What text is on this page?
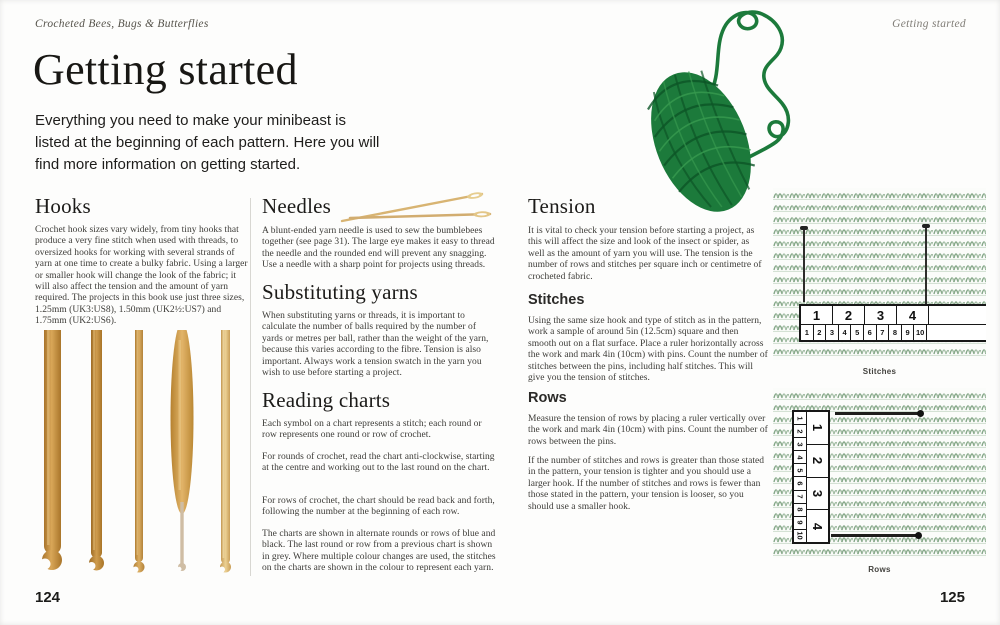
Crocheted Bees, Bugs & Butterflies	Getting started
Getting started
Everything you need to make your minibeast is listed at the beginning of each pattern. Here you will find more information on getting started.
Hooks
Crochet hook sizes vary widely, from tiny hooks that produce a very fine stitch when used with threads, to oversized hooks for working with several strands of yarn at one time to create a bulky fabric. Using a larger or smaller hook will change the look of the fabric; it will also affect the tension and the amount of yarn required. The projects in this book use just three sizes, 1.25mm (UK3:US8), 1.50mm (UK2½:US7) and 1.75mm (UK2:US6).
Needles
A blunt-ended yarn needle is used to sew the bumblebees together (see page 31). The large eye makes it easy to thread the needle and the rounded end will prevent any snagging. Use a needle with a sharp point for projects using threads.
Substituting yarns
When substituting yarns or threads, it is important to calculate the number of balls required by the number of yards or metres per ball, rather than the weight of the yarn, because this varies according to the fibre. Tension is also important. Always work a tension swatch in the yarn you wish to use before starting a project.
Reading charts
Each symbol on a chart represents a stitch; each round or row represents one round or row of crochet.
For rounds of crochet, read the chart anti-clockwise, starting at the centre and working out to the last round on the chart.
For rows of crochet, the chart should be read back and forth, following the number at the beginning of each row.
The charts are shown in alternate rounds or rows of blue and black. The last round or row from a previous chart is shown in grey. Where multiple colour changes are used, the stitches on the charts are shown in the colour to represent each yarn.
Tension
It is vital to check your tension before starting a project, as this will affect the size and look of the insect or spider, as well as the amount of yarn you will use. The tension is the number of rows and stitches per square inch or centimetre of crocheted fabric.
Stitches
Using the same size hook and type of stitch as in the pattern, work a sample of around 5in (12.5cm) square and then smooth out on a flat surface. Place a ruler horizontally across the work and mark 4in (10cm) with pins. Count the number of stitches between the pins, including half stitches. This will give you the tension of stitches.
Rows
Measure the tension of rows by placing a ruler vertically over the work and mark 4in (10cm) with pins. Count the number of rows between the pins.
If the number of stitches and rows is greater than those stated in the pattern, your tension is tighter and you should use a larger hook. If the number of stitches and rows is fewer than those stated in the pattern, your tension is looser, so you should use a smaller hook.
1	2	3	4
1	2	3	4	5	6	7	8	9 10
Stitches
1
2
3
4
5
6
7
8
9
10
1
2
3
4
Rows
124	125
